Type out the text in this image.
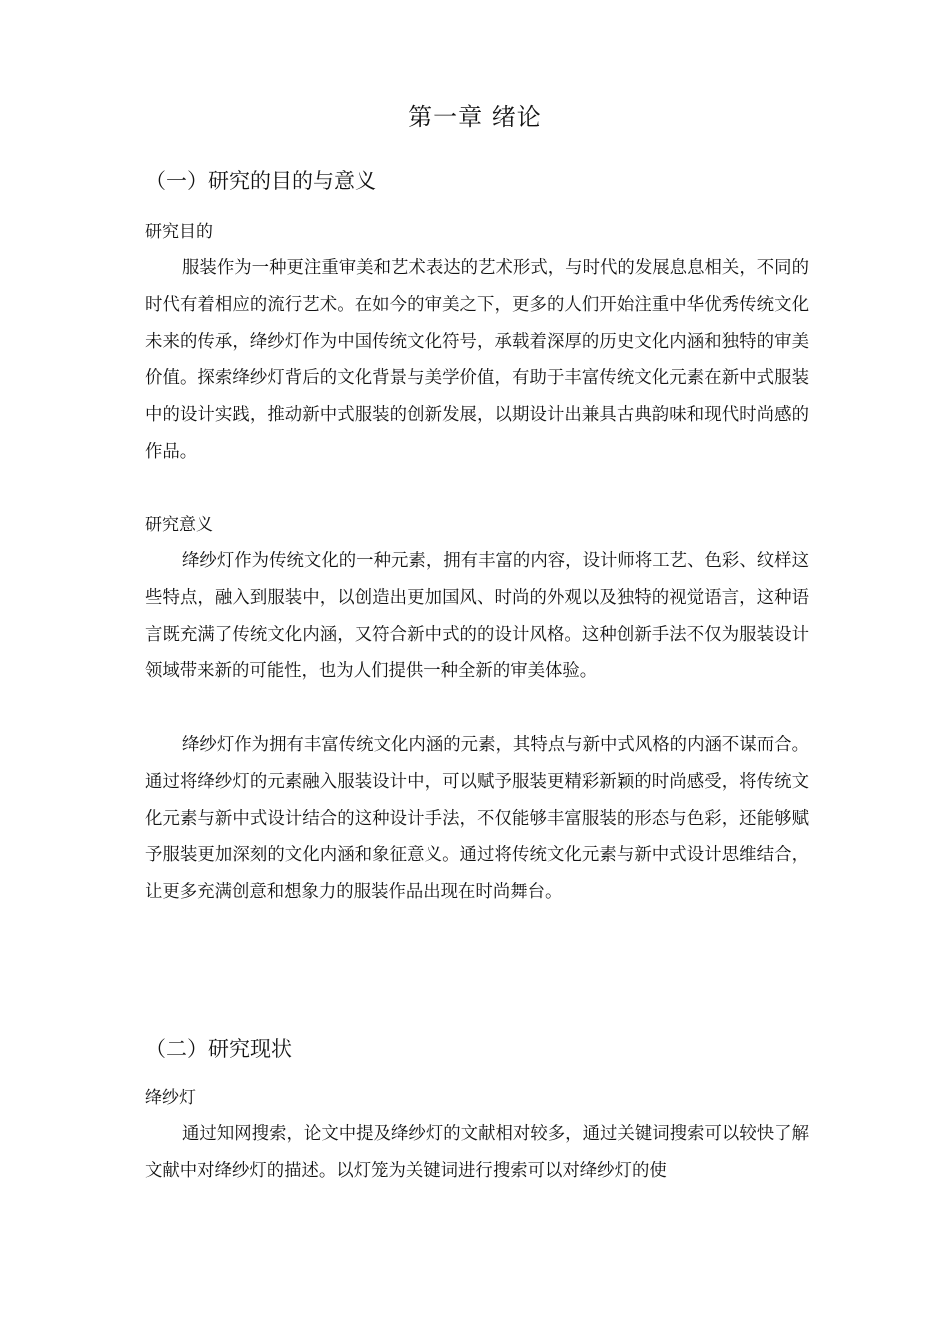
第一章 绪论
（一）研究的目的与意义
研究目的

服装作为一种更注重审美和艺术表达的艺术形式，与时代的发展息息相关，不同的时代有着相应的流行艺术。在如今的审美之下，更多的人们开始注重中华优秀传统文化未来的传承，绛纱灯作为中国传统文化符号，承载着深厚的历史文化内涵和独特的审美价值。探索绛纱灯背后的文化背景与美学价值，有助于丰富传统文化元素在新中式服装中的设计实践，推动新中式服装的创新发展，以期设计出兼具古典韵味和现代时尚感的作品。

研究意义

绛纱灯作为传统文化的一种元素，拥有丰富的内容，设计师将工艺、色彩、纹样这些特点，融入到服装中，以创造出更加国风、时尚的外观以及独特的视觉语言，这种语言既充满了传统文化内涵，又符合新中式的的设计风格。这种创新手法不仅为服装设计领域带来新的可能性，也为人们提供一种全新的审美体验。

绛纱灯作为拥有丰富传统文化内涵的元素，其特点与新中式风格的内涵不谋而合。通过将绛纱灯的元素融入服装设计中，可以赋予服装更精彩新颖的时尚感受，将传统文化元素与新中式设计结合的这种设计手法，不仅能够丰富服装的形态与色彩，还能够赋予服装更加深刻的文化内涵和象征意义。通过将传统文化元素与新中式设计思维结合，让更多充满创意和想象力的服装作品出现在时尚舞台。

（二）研究现状
绛纱灯

通过知网搜索，论文中提及绛纱灯的文献相对较多，通过关键词搜索可以较快了解文献中对绛纱灯的描述。以灯笼为关键词进行搜索可以对绛纱灯的使
